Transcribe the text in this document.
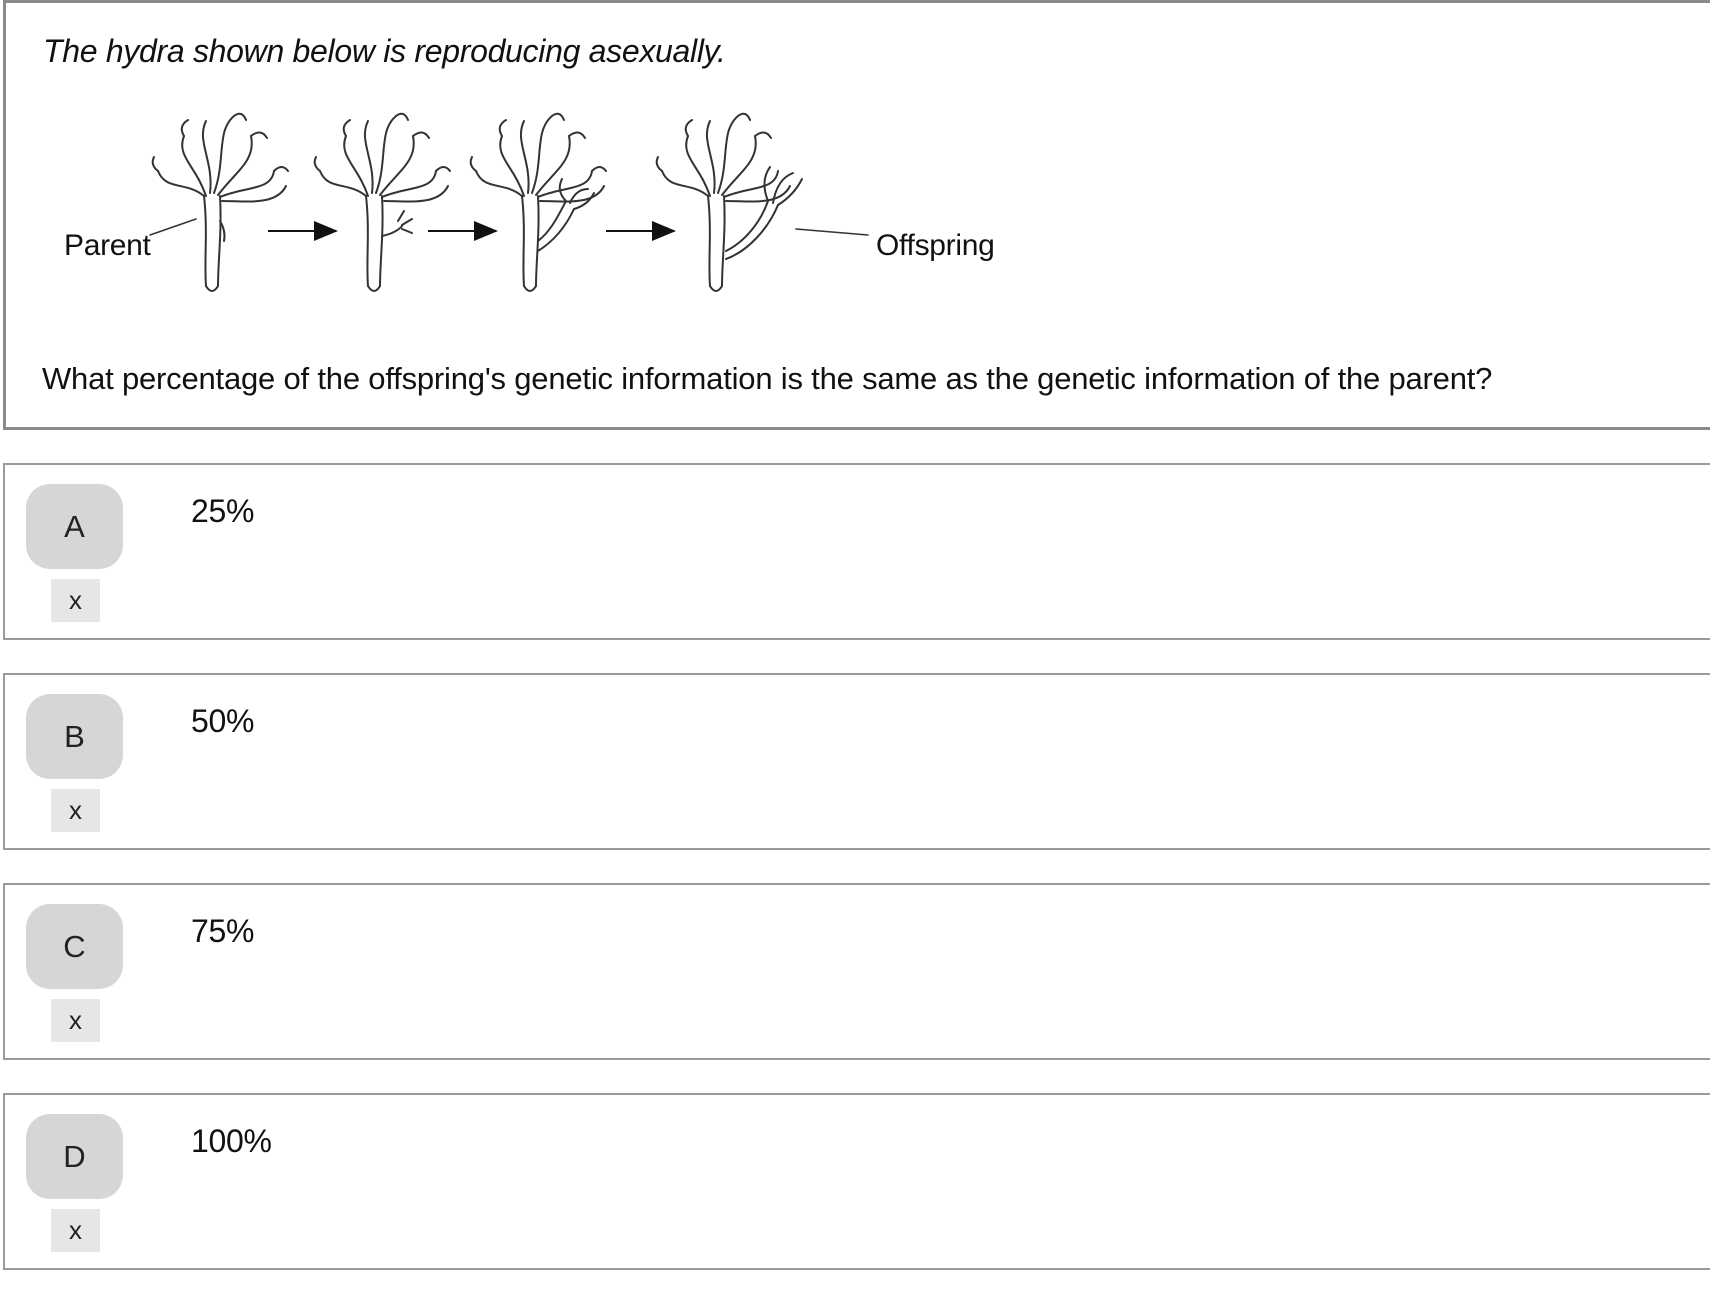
The hydra shown below is reproducing asexually.
Parent	Offspring
What percentage of the offspring's genetic information is the same as the genetic information of the parent?
A
x
25%
B
x
50%
C
x
75%
D
x
100%
